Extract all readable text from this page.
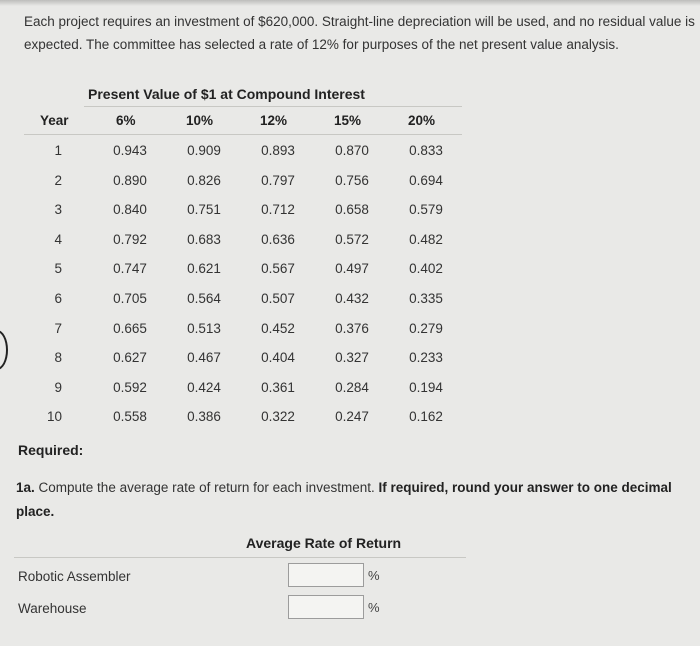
Each project requires an investment of $620,000. Straight-line depreciation will be used, and no residual value is expected. The committee has selected a rate of 12% for purposes of the net present value analysis.
Present Value of $1 at Compound Interest
Year	6%	10%	12%	15%	20%
1	0.943	0.909	0.893	0.870	0.833
2	0.890	0.826	0.797	0.756	0.694
3	0.840	0.751	0.712	0.658	0.579
4	0.792	0.683	0.636	0.572	0.482
5	0.747	0.621	0.567	0.497	0.402
6	0.705	0.564	0.507	0.432	0.335
7	0.665	0.513	0.452	0.376	0.279
8	0.627	0.467	0.404	0.327	0.233
9	0.592	0.424	0.361	0.284	0.194
10	0.558	0.386	0.322	0.247	0.162
Required:
1a. Compute the average rate of return for each investment. If required, round your answer to one decimal place.
Average Rate of Return
Robotic Assembler	%
Warehouse	%
